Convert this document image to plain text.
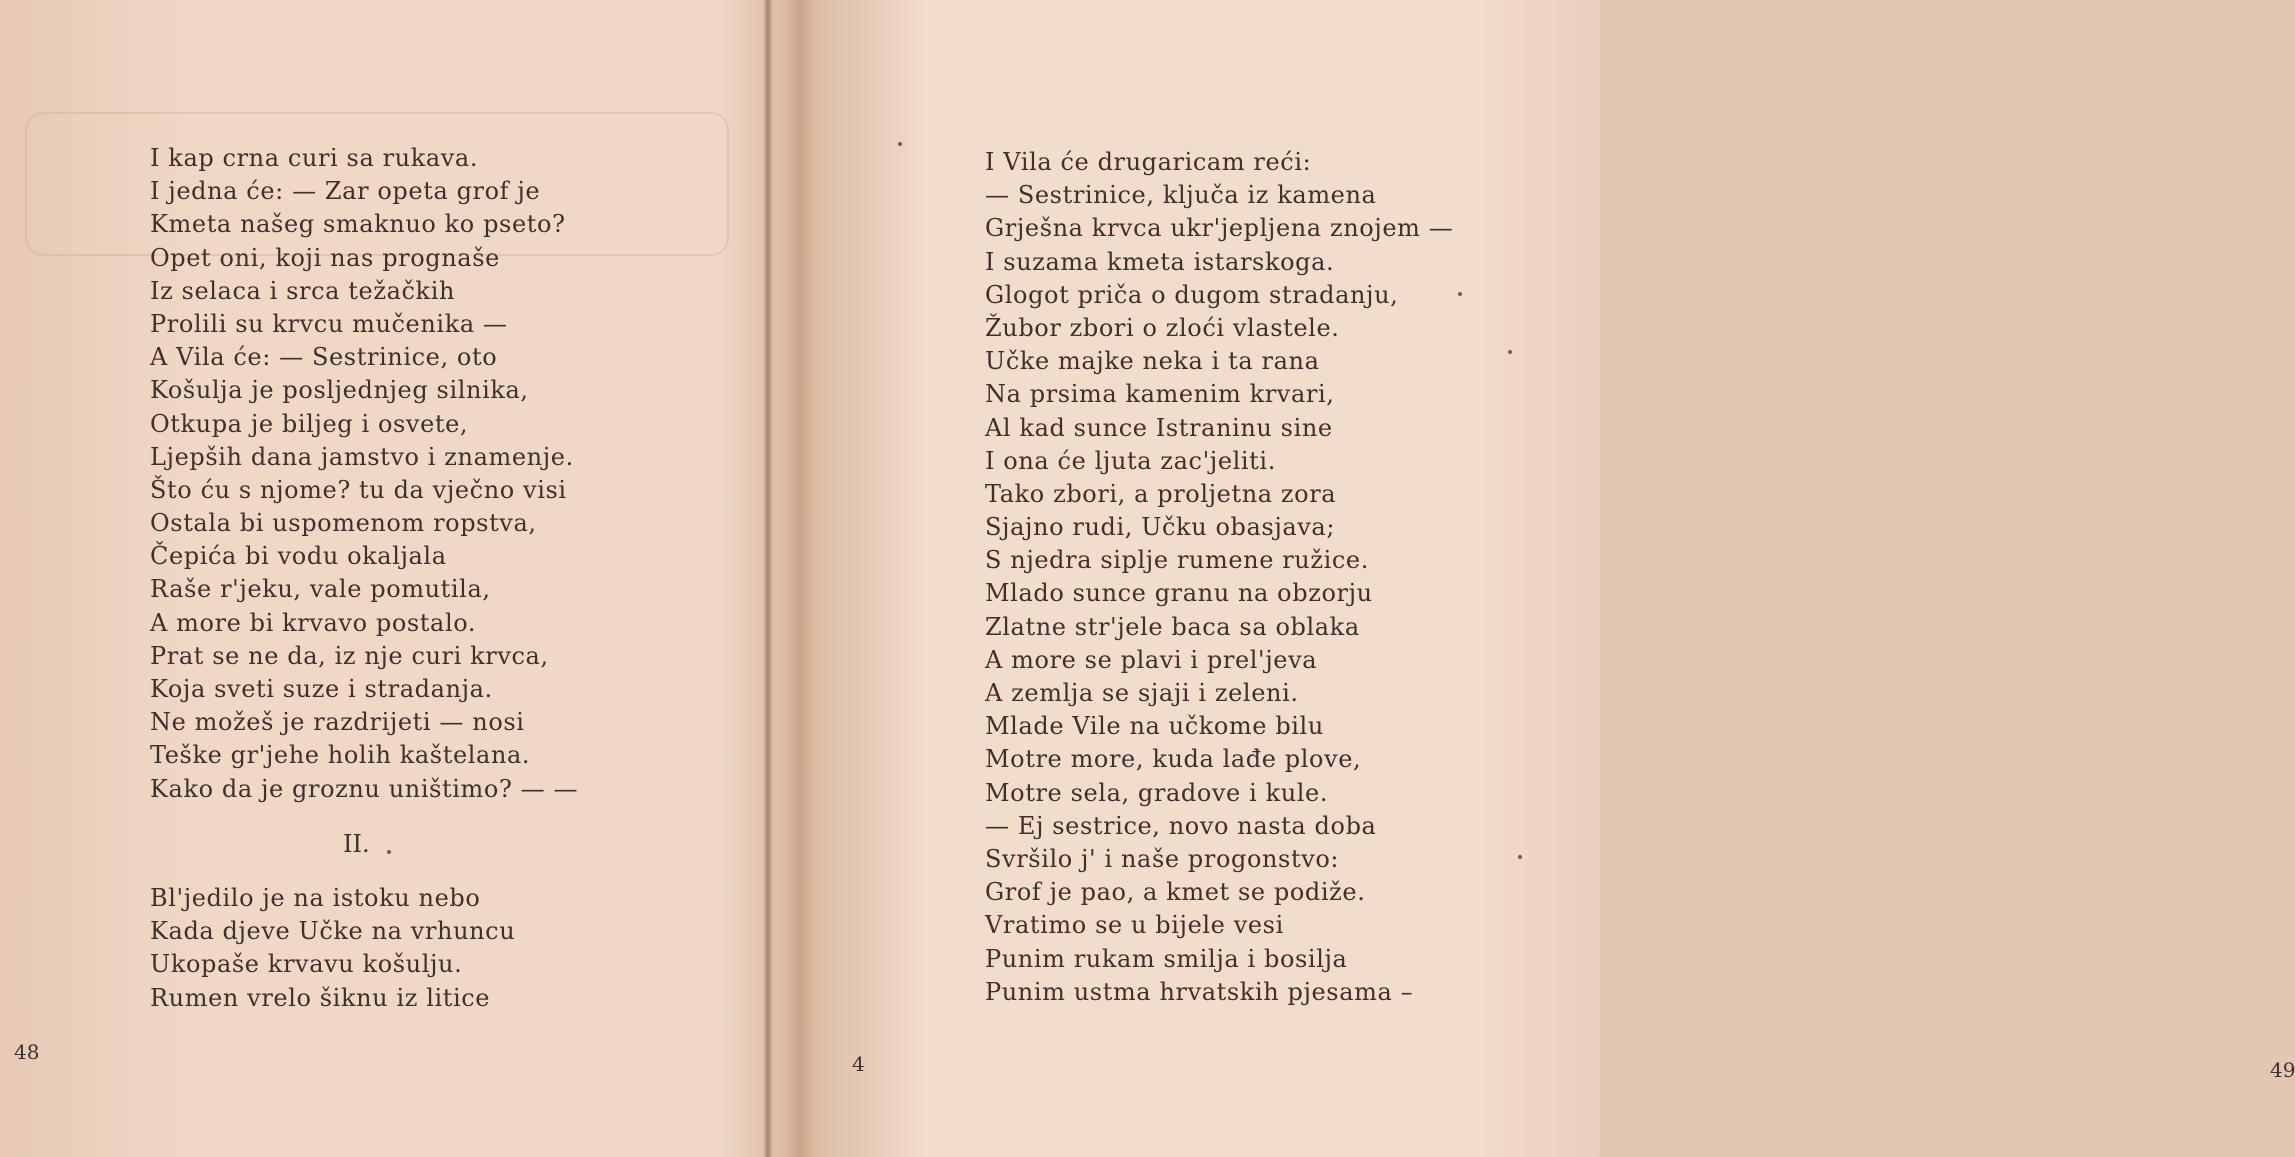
I kap crna curi sa rukava.
I jedna će: — Zar opeta grof je
Kmeta našeg smaknuo ko pseto?
Opet oni, koji nas prognaše
Iz selaca i srca težačkih
Prolili su krvcu mučenika —
A Vila će: — Sestrinice, oto
Košulja je posljednjeg silnika,
Otkupa je biljeg i osvete,
Ljepših dana jamstvo i znamenje.
Što ću s njome? tu da vječno visi
Ostala bi uspomenom ropstva,
Čepića bi vodu okaljala
Raše r'jeku, vale pomutila,
A more bi krvavo postalo.
Prat se ne da, iz nje curi krvca,
Koja sveti suze i stradanja.
Ne možeš je razdrijeti — nosi
Teške gr'jehe holih kaštelana.
Kako da je groznu uništimo? — —
II.
Bl'jedilo je na istoku nebo
Kada djeve Učke na vrhuncu
Ukopaše krvavu košulju.
Rumen vrelo šiknu iz litice
48	4
I Vila će drugaricam reći:
— Sestrinice, ključa iz kamena
Grješna krvca ukr'jepljena znojem —
I suzama kmeta istarskoga.
Glogot priča o dugom stradanju,
Žubor zbori o zloći vlastele.
Učke majke neka i ta rana
Na prsima kamenim krvari,
Al kad sunce Istraninu sine
I ona će ljuta zac'jeliti.
Tako zbori, a proljetna zora
Sjajno rudi, Učku obasjava;
S njedra siplje rumene ružice.
Mlado sunce granu na obzorju
Zlatne str'jele baca sa oblaka
A more se plavi i prel'jeva
A zemlja se sjaji i zeleni.
Mlade Vile na učkome bilu
Motre more, kuda lađe plove,
Motre sela, gradove i kule.
— Ej sestrice, novo nasta doba
Svršilo j' i naše progonstvo:
Grof je pao, a kmet se podiže.
Vratimo se u bijele vesi
Punim rukam smilja i bosilja
Punim ustma hrvatskih pjesama –
49
